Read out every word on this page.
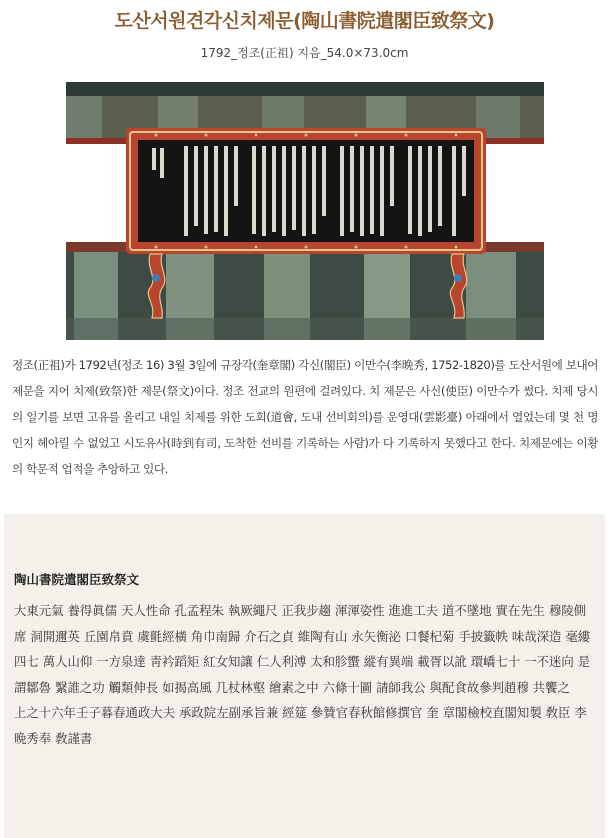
도산서원견각신치제문(陶山書院遣閣臣致祭文)
1792_정조(正祖) 지음_54.0×73.0cm
정조(正祖)가 1792년(정조 16) 3월 3일에 규장각(奎章閣) 각신(閣臣) 이만수(李晩秀, 1752-1820)를 도산서원에 보내어 제문을 지어 치제(致祭)한 제문(祭文)이다. 정조 전교의 원편에 걸려있다. 치 제문은 사신(使臣) 이만수가 썼다. 치제 당시의 일기를 보면 고유를 올리고 내일 치제를 위한 도회(道會, 도내 선비회의)를 운영대(雲影臺) 아래에서 열었는데 몇 천 명인지 헤아릴 수 없었고 시도유사(時到有司, 도착한 선비를 기록하는 사람)가 다 기록하지 못했다고 한다. 치제문에는 이황의 학문적 업적을 추앙하고 있다.
陶山書院遣閣臣致祭文

大東元氣 養得眞儒 天人性命 孔孟程朱 執厥繩尺 正我步趨 渾渾姿性 進進工夫 道不墜地 實在先生 穆陵側席 洞開邇英 丘園帛賁 虞氈經橫 角巾南歸 介石之貞 維陶有山 永矢衡泌 口餐杞菊 手披籤帙 味哉深造 毫縷四七 萬人山仰 一方泉達 靑衿蹈矩 紅女知讓 仁人利溥 太和胗蠁 縱有異端 載胥以訛 環嶠七十 一不迷向 是謂鄒魯 繄誰之功 觸類伸長 如揭高風 几杖林壑 繪素之中 六條十圖 請師我公 與配食故參判趙穆 共饗之

上之十六年壬子暮春通政大夫 承政院左副承旨兼 經筵 參贊官春秋館修撰官 奎 章閣檢校直閣知製 敎臣 李晩秀奉 敎謹書
